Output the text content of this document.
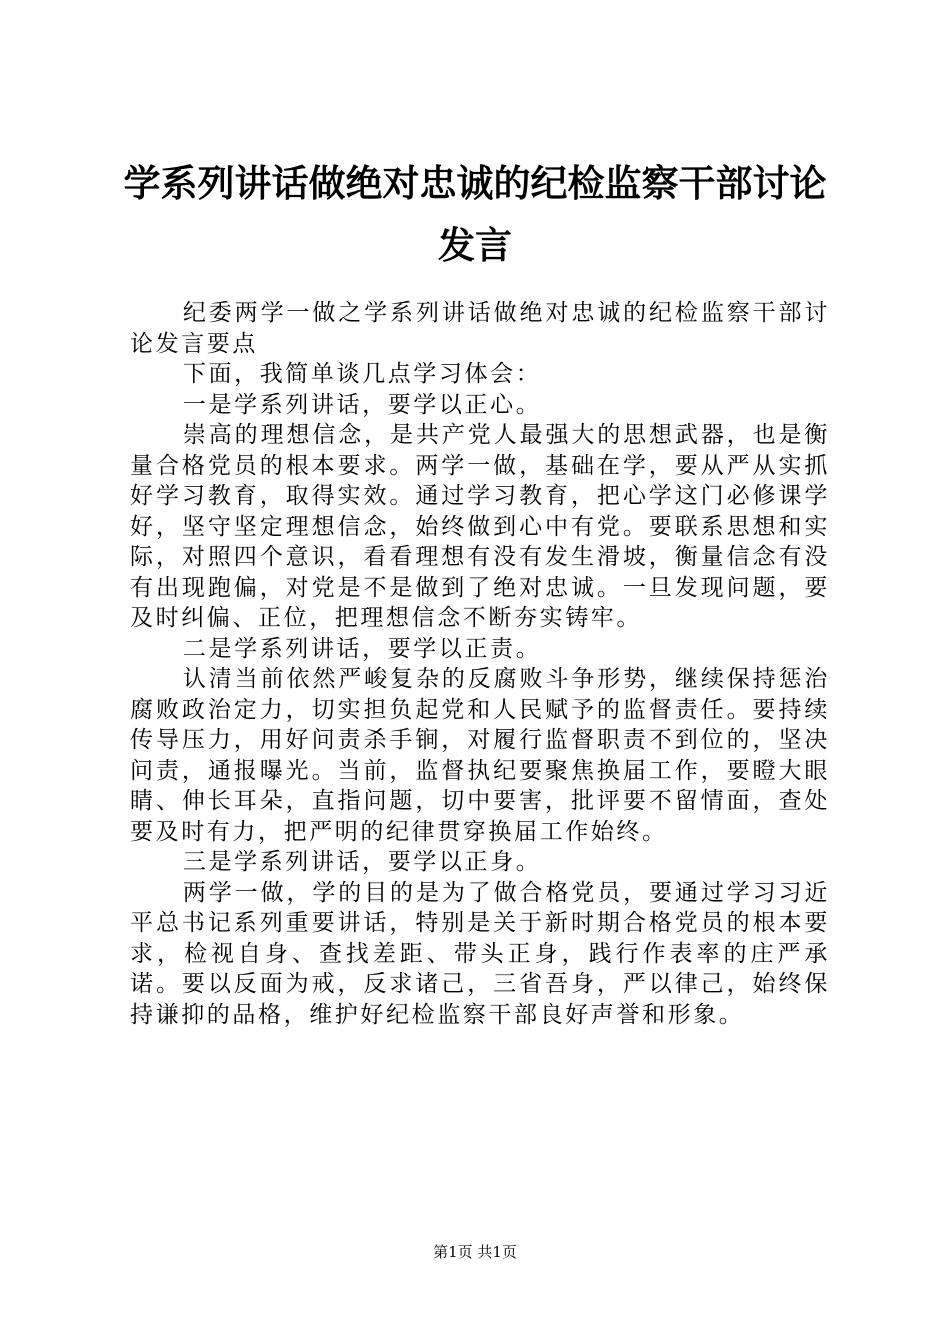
学系列讲话做绝对忠诚的纪检监察干部讨论发言

纪委两学一做之学系列讲话做绝对忠诚的纪检监察干部讨论发言要点

下面，我简单谈几点学习体会：

一是学系列讲话，要学以正心。

崇高的理想信念，是共产党人最强大的思想武器，也是衡量合格党员的根本要求。两学一做，基础在学，要从严从实抓好学习教育，取得实效。通过学习教育，把心学这门必修课学好，坚守坚定理想信念，始终做到心中有党。要联系思想和实际，对照四个意识，看看理想有没有发生滑坡，衡量信念有没有出现跑偏，对党是不是做到了绝对忠诚。一旦发现问题，要及时纠偏、正位，把理想信念不断夯实铸牢。

二是学系列讲话，要学以正责。

认清当前依然严峻复杂的反腐败斗争形势，继续保持惩治腐败政治定力，切实担负起党和人民赋予的监督责任。要持续传导压力，用好问责杀手锏，对履行监督职责不到位的，坚决问责，通报曝光。当前，监督执纪要聚焦换届工作，要瞪大眼睛、伸长耳朵，直指问题，切中要害，批评要不留情面，查处要及时有力，把严明的纪律贯穿换届工作始终。

三是学系列讲话，要学以正身。

两学一做，学的目的是为了做合格党员，要通过学习习近平总书记系列重要讲话，特别是关于新时期合格党员的根本要求，检视自身、查找差距、带头正身，践行作表率的庄严承诺。要以反面为戒，反求诸己，三省吾身，严以律己，始终保持谦抑的品格，维护好纪检监察干部良好声誉和形象。

第1页 共1页
